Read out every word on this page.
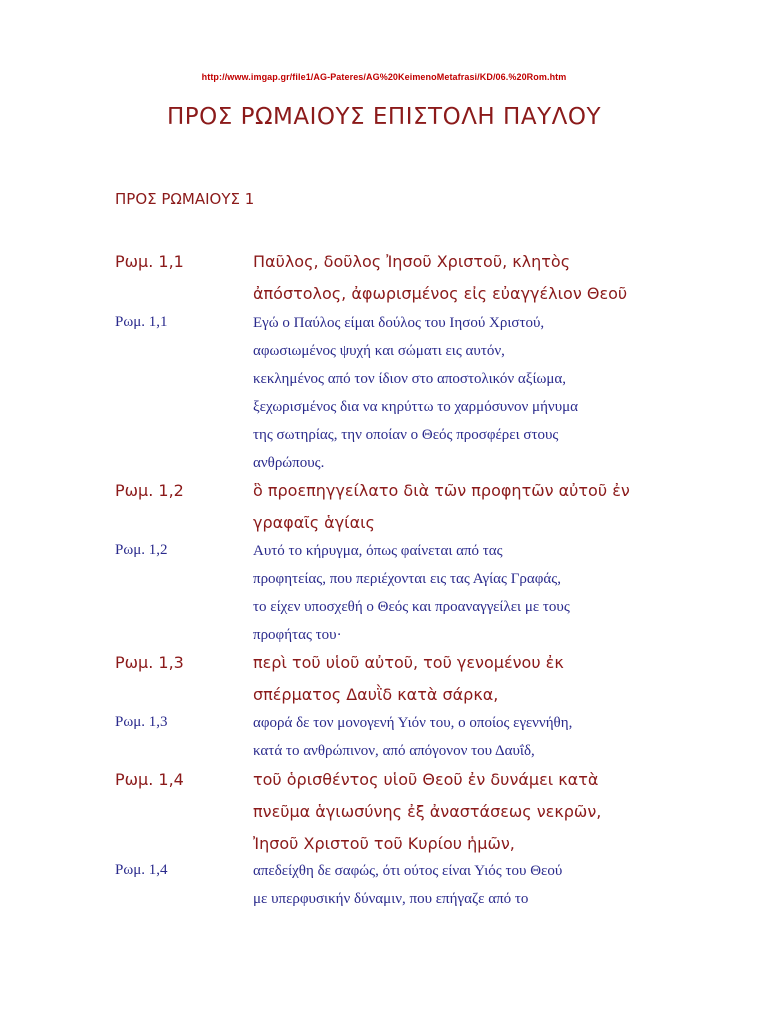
http://www.imgap.gr/file1/AG-Pateres/AG%20KeimenoMetafrasi/KD/06.%20Rom.htm
ΠΡΟΣ ΡΩΜΑΙΟΥΣ ΕΠΙΣΤΟΛΗ ΠΑΥΛΟΥ
ΠΡΟΣ ΡΩΜΑΙΟΥΣ 1
Ρωμ. 1,1	Παῦλος, δοῦλος Ἰησοῦ Χριστοῦ, κλητὸς
ἀπόστολος, ἀφωρισμένος εἰς εὐαγγέλιον Θεοῦ
Ρωμ. 1,1	Εγώ ο Παύλος είμαι δούλος του Ιησού Χριστού,
αφωσιωμένος ψυχή και σώματι εις αυτόν,
κεκλημένος από τον ίδιον στο αποστολικόν αξίωμα,
ξεχωρισμένος δια να κηρύττω το χαρμόσυνον μήνυμα
της σωτηρίας, την οποίαν ο Θεός προσφέρει στους
ανθρώπους.
Ρωμ. 1,2	ὃ προεπηγγείλατο διὰ τῶν προφητῶν αὐτοῦ ἐν
γραφαῖς ἁγίαις
Ρωμ. 1,2	Αυτό το κήρυγμα, όπως φαίνεται από τας
προφητείας, που περιέχονται εις τας Αγίας Γραφάς,
το είχεν υποσχεθή ο Θεός και προαναγγείλει με τους
προφήτας του·
Ρωμ. 1,3	περὶ τοῦ υἱοῦ αὐτοῦ, τοῦ γενομένου ἐκ
σπέρματος Δαυῒδ κατὰ σάρκα,
Ρωμ. 1,3	αφορά δε τον μονογενή Υιόν του, ο οποίος εγεννήθη,
κατά το ανθρώπινον, από απόγονον του Δαυΐδ,
Ρωμ. 1,4	τοῦ ὁρισθέντος υἱοῦ Θεοῦ ἐν δυνάμει κατὰ
πνεῦμα ἁγιωσύνης ἐξ ἀναστάσεως νεκρῶν,
Ἰησοῦ Χριστοῦ τοῦ Κυρίου ἡμῶν,
Ρωμ. 1,4	απεδείχθη δε σαφώς, ότι ούτος είναι Υιός του Θεού
με υπερφυσικήν δύναμιν, που επήγαζε από το
